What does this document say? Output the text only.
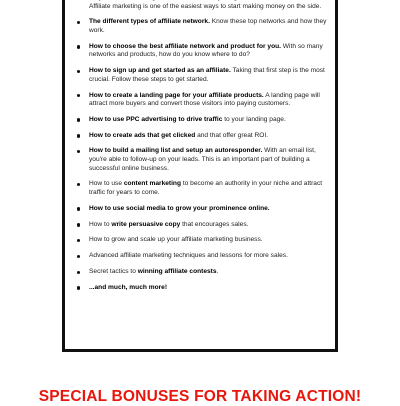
Affiliate marketing is one of the easiest ways to start making money on the side.
The different types of affiliate network. Know these top networks and how they work.
How to choose the best affiliate network and product for you. With so many networks and products, how do you know where to do?
How to sign up and get started as an affiliate. Taking that first step is the most crucial. Follow these steps to get started.
How to create a landing page for your affiliate products. A landing page will attract more buyers and convert those visitors into paying customers.
How to use PPC advertising to drive traffic to your landing page.
How to create ads that get clicked and that offer great ROI.
How to build a mailing list and setup an autoresponder. With an email list, you're able to follow-up on your leads. This is an important part of building a successful online business.
How to use content marketing to become an authority in your niche and attract traffic for years to come.
How to use social media to grow your prominence online.
How to write persuasive copy that encourages sales.
How to grow and scale up your affiliate marketing business.
Advanced affiliate marketing techniques and lessons for more sales.
Secret tactics to winning affiliate contests.
...and much, much more!
SPECIAL BONUSES FOR TAKING ACTION!
